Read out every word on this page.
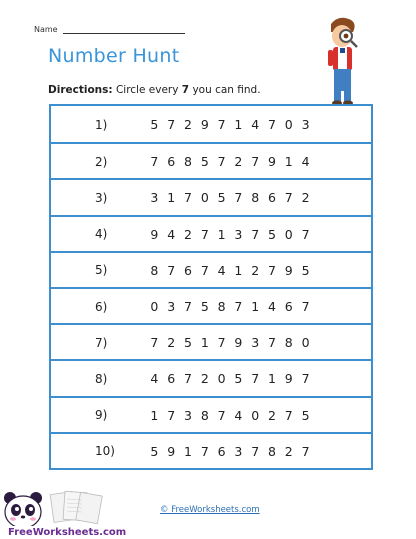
Name
Number Hunt
Directions: Circle every 7 you can find.
1)	5 7 2 9 7 1 4 7 0 3
2)	7 6 8 5 7 2 7 9 1 4
3)	3 1 7 0 5 7 8 6 7 2
4)	9 4 2 7 1 3 7 5 0 7
5)	8 7 6 7 4 1 2 7 9 5
6)	0 3 7 5 8 7 1 4 6 7
7)	7 2 5 1 7 9 3 7 8 0
8)	4 6 7 2 0 5 7 1 9 7
9)	1 7 3 8 7 4 0 2 7 5
10)	5 9 1 7 6 3 7 8 2 7
FreeWorksheets.com
© FreeWorksheets.com
